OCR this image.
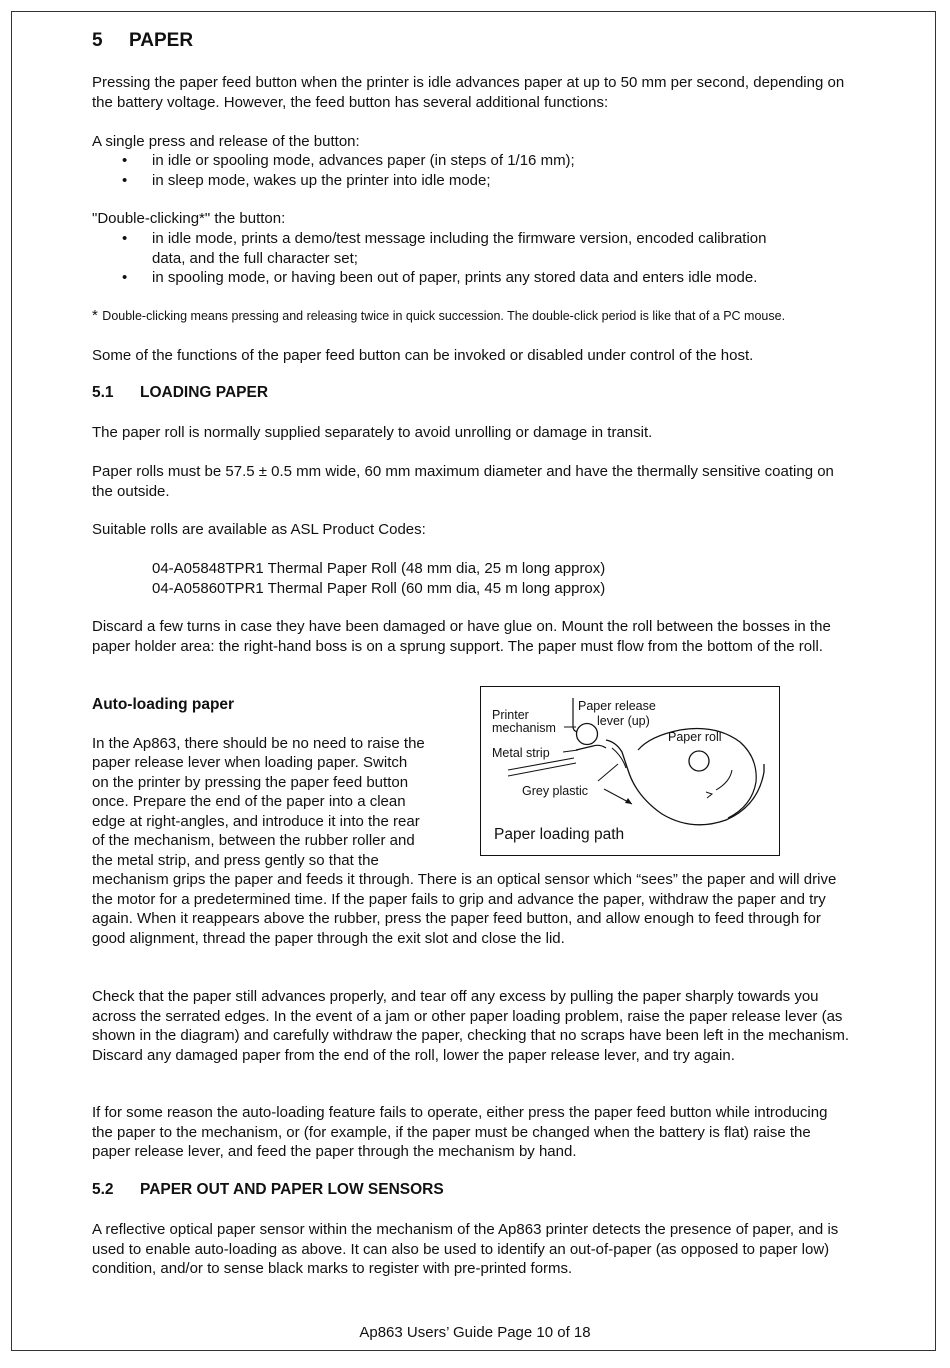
5 PAPER

Pressing the paper feed button when the printer is idle advances paper at up to 50 mm per second, depending on the battery voltage. However, the feed button has several additional functions:

A single press and release of the button:

• in idle or spooling mode, advances paper (in steps of 1/16 mm);

• in sleep mode, wakes up the printer into idle mode;

"Double-clicking*" the button:

• in idle mode, prints a demo/test message including the firmware version, encoded calibration data, and the full character set;

• in spooling mode, or having been out of paper, prints any stored data and enters idle mode.

* Double-clicking means pressing and releasing twice in quick succession. The double-click period is like that of a PC mouse.

Some of the functions of the paper feed button can be invoked or disabled under control of the host.

5.1 LOADING PAPER

The paper roll is normally supplied separately to avoid unrolling or damage in transit.

Paper rolls must be 57.5 ± 0.5 mm wide, 60 mm maximum diameter and have the thermally sensitive coating on the outside.

Suitable rolls are available as ASL Product Codes:

04-A05848TPR1 Thermal Paper Roll (48 mm dia, 25 m long approx)

04-A05860TPR1 Thermal Paper Roll (60 mm dia, 45 m long approx)

Discard a few turns in case they have been damaged or have glue on. Mount the roll between the bosses in the paper holder area: the right-hand boss is on a sprung support. The paper must flow from the bottom of the roll.

Auto-loading paper

In the Ap863, there should be no need to raise the

paper release lever when loading paper. Switch

on the printer by pressing the paper feed button

once. Prepare the end of the paper into a clean

edge at right-angles, and introduce it into the rear

of the mechanism, between the rubber roller and

the metal strip, and press gently so that the

mechanism grips the paper and feeds it through. There is an optical sensor which “sees” the paper and will drive the motor for a predetermined time. If the paper fails to grip and advance the paper, withdraw the paper and try again. When it reappears above the rubber, press the paper feed button, and allow enough to feed through for good alignment, thread the paper through the exit slot and close the lid.

Check that the paper still advances properly, and tear off any excess by pulling the paper sharply towards you across the serrated edges. In the event of a jam or other paper loading problem, raise the paper release lever (as shown in the diagram) and carefully withdraw the paper, checking that no scraps have been left in the mechanism. Discard any damaged paper from the end of the roll, lower the paper release lever, and try again.

If for some reason the auto-loading feature fails to operate, either press the paper feed button while introducing the paper to the mechanism, or (for example, if the paper must be changed when the battery is flat) raise the paper release lever, and feed the paper through the mechanism by hand.

Printer
mechanism
Paper release
lever (up)
Paper roll
Metal strip
Grey plastic
Paper loading path
5.2 PAPER OUT AND PAPER LOW SENSORS

A reflective optical paper sensor within the mechanism of the Ap863 printer detects the presence of paper, and is used to enable auto-loading as above. It can also be used to identify an out-of-paper (as opposed to paper low) condition, and/or to sense black marks to register with pre-printed forms.

Ap863 Users’ Guide Page 10 of 18
